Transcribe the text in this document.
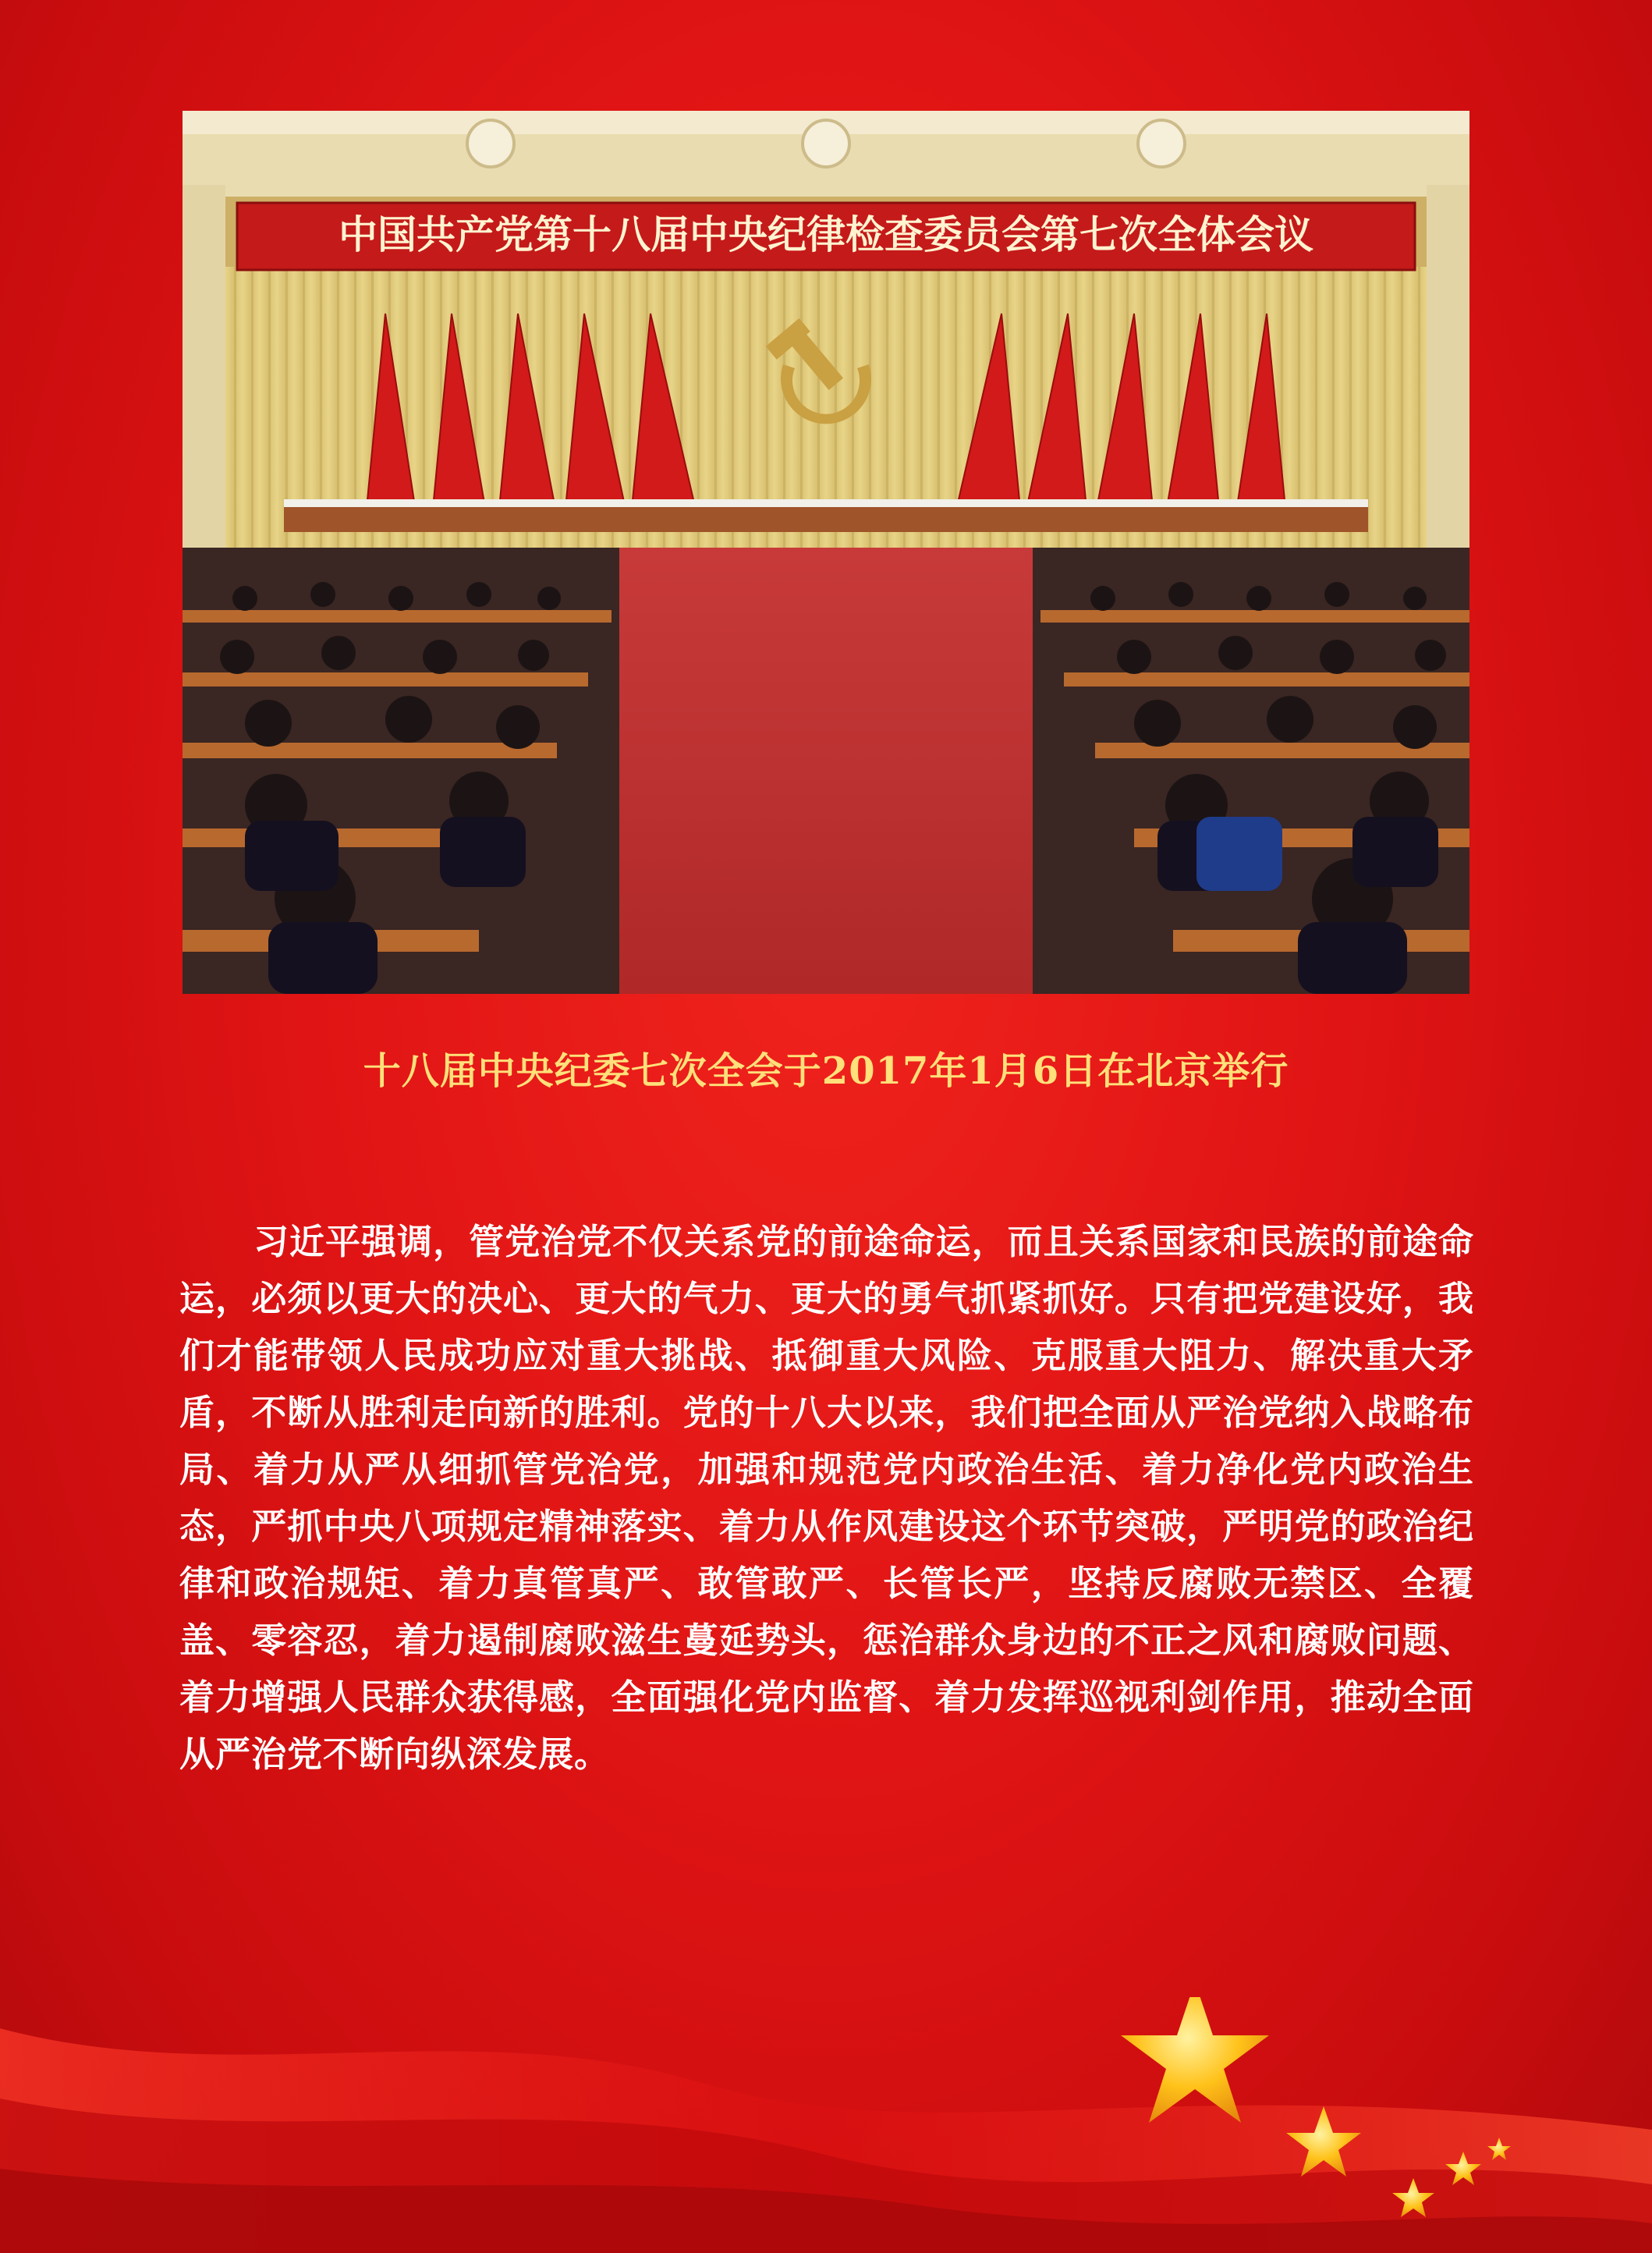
中国共产党第十八届中央纪律检查委员会第七次全体会议
十八届中央纪委七次全会于2017年1月6日在北京举行
习近平强调，管党治党不仅关系党的前途命运，而且关系国家和民族的前途命运，必须以更大的决心、更大的气力、更大的勇气抓紧抓好。只有把党建设好，我们才能带领人民成功应对重大挑战、抵御重大风险、克服重大阻力、解决重大矛盾，不断从胜利走向新的胜利。党的十八大以来，我们把全面从严治党纳入战略布局、着力从严从细抓管党治党，加强和规范党内政治生活、着力净化党内政治生态，严抓中央八项规定精神落实、着力从作风建设这个环节突破，严明党的政治纪律和政治规矩、着力真管真严、敢管敢严、长管长严，坚持反腐败无禁区、全覆盖、零容忍，着力遏制腐败滋生蔓延势头，惩治群众身边的不正之风和腐败问题、着力增强人民群众获得感，全面强化党内监督、着力发挥巡视利剑作用，推动全面从严治党不断向纵深发展。
